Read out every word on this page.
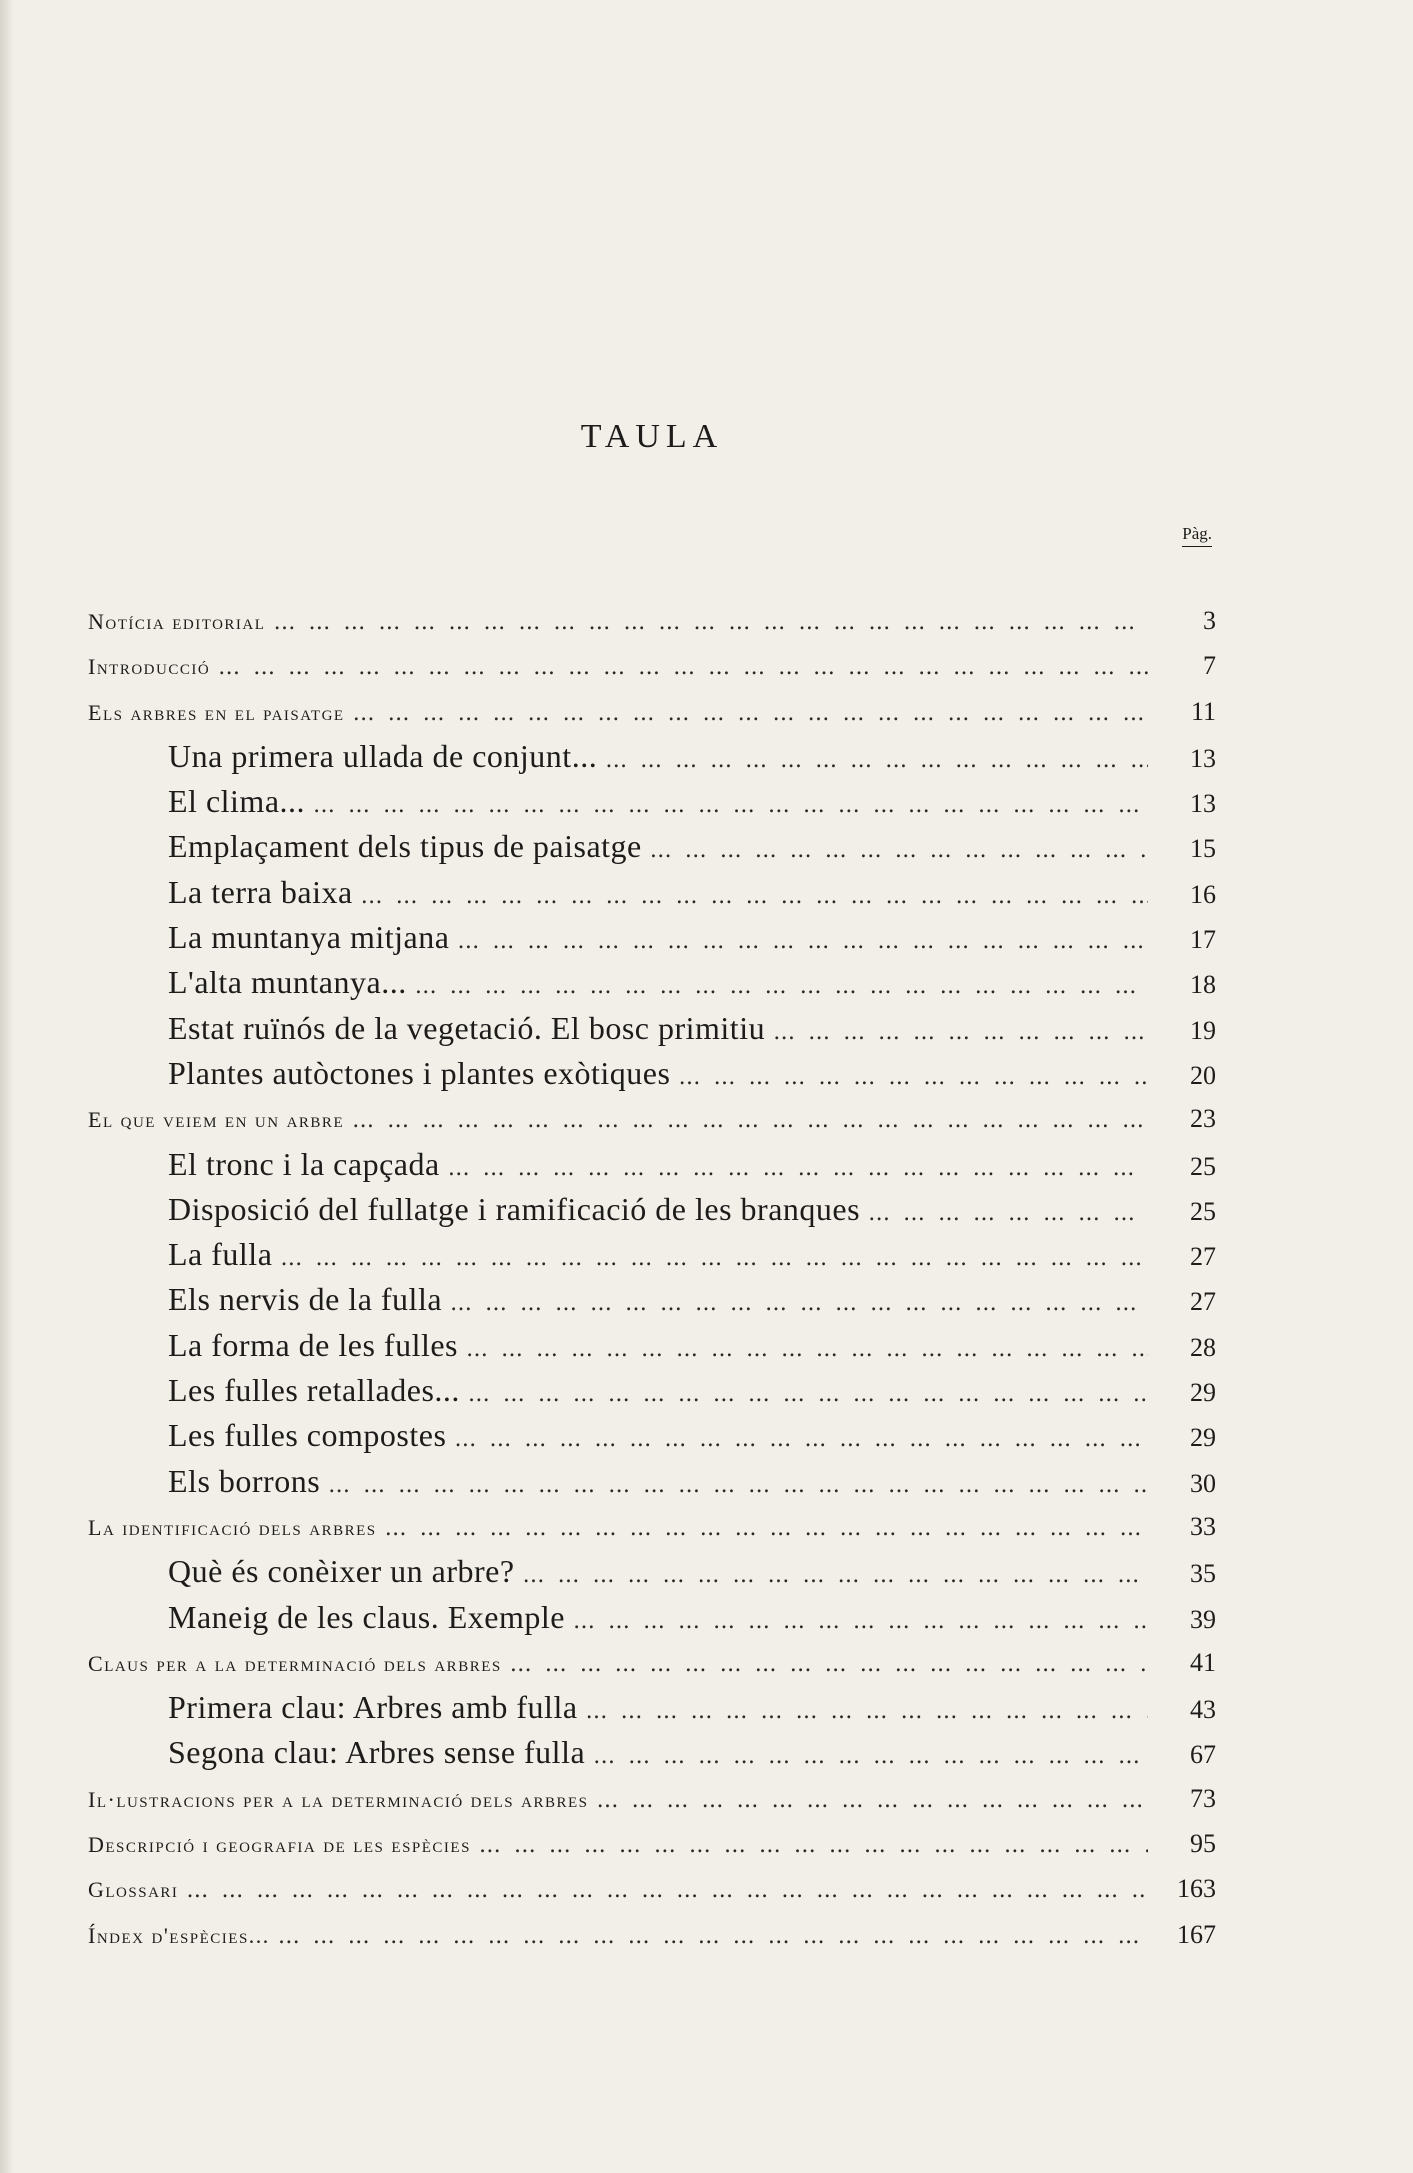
TAULA
Pàg.
Notícia editorial … … … … … … … … … … … … … … … … … … … … … … … … … … … … … … … … … … … … … …	3
Introducció … … … … … … … … … … … … … … … … … … … … … … … … … … … … … … … … … … … … … …	7
Els arbres en el paisatge … … … … … … … … … … … … … … … … … … … … … … … … … … … … … … … … … … … … … …	11
Una primera ullada de conjunt... … … … … … … … … … … … … … … … … … … … … … … … … … … … … … … … … … … … … … …	13
El clima... … … … … … … … … … … … … … … … … … … … … … … … … … … … … … … … … … … … … … …	13
Emplaçament dels tipus de paisatge … … … … … … … … … … … … … … … … … … … … … … … … … … … … … … … … … … … … … …	15
La terra baixa … … … … … … … … … … … … … … … … … … … … … … … … … … … … … … … … … … … … … …	16
La muntanya mitjana … … … … … … … … … … … … … … … … … … … … … … … … … … … … … … … … … … … … … …	17
L'alta muntanya... … … … … … … … … … … … … … … … … … … … … … … … … … … … … … … … … … … … … … …	18
Estat ruïnós de la vegetació. El bosc primitiu … … … … … … … … … … … … … … … … … … … … … … … … … … … … … … … … … … … … … …	19
Plantes autòctones i plantes exòtiques … … … … … … … … … … … … … … … … … … … … … … … … … … … … … … … … … … … … … …	20
El que veiem en un arbre … … … … … … … … … … … … … … … … … … … … … … … … … … … … … … … … … … … … … …	23
El tronc i la capçada … … … … … … … … … … … … … … … … … … … … … … … … … … … … … … … … … … … … … …	25
Disposició del fullatge i ramificació de les branques … … … … … … … … … … … … … … … … … … … … … … … … … … … … … … … … … … … … … …	25
La fulla … … … … … … … … … … … … … … … … … … … … … … … … … … … … … … … … … … … … … …	27
Els nervis de la fulla … … … … … … … … … … … … … … … … … … … … … … … … … … … … … … … … … … … … … …	27
La forma de les fulles … … … … … … … … … … … … … … … … … … … … … … … … … … … … … … … … … … … … … …	28
Les fulles retallades... … … … … … … … … … … … … … … … … … … … … … … … … … … … … … … … … … … … … … …	29
Les fulles compostes … … … … … … … … … … … … … … … … … … … … … … … … … … … … … … … … … … … … … …	29
Els borrons … … … … … … … … … … … … … … … … … … … … … … … … … … … … … … … … … … … … … …	30
La identificació dels arbres … … … … … … … … … … … … … … … … … … … … … … … … … … … … … … … … … … … … … …	33
Què és conèixer un arbre? … … … … … … … … … … … … … … … … … … … … … … … … … … … … … … … … … … … … … …	35
Maneig de les claus. Exemple … … … … … … … … … … … … … … … … … … … … … … … … … … … … … … … … … … … … … …	39
Claus per a la determinació dels arbres … … … … … … … … … … … … … … … … … … … … … … … … … … … … … … … … … … … … … …	41
Primera clau: Arbres amb fulla … … … … … … … … … … … … … … … … … … … … … … … … … … … … … … … … … … … … … …	43
Segona clau: Arbres sense fulla … … … … … … … … … … … … … … … … … … … … … … … … … … … … … … … … … … … … … …	67
Il·lustracions per a la determinació dels arbres … … … … … … … … … … … … … … … … … … … … … … … … … … … … … … … … … … … … … …	73
Descripció i geografia de les espècies … … … … … … … … … … … … … … … … … … … … … … … … … … … … … … … … … … … … … …	95
Glossari … … … … … … … … … … … … … … … … … … … … … … … … … … … … … … … … … … … … … …	163
Índex d'espècies... … … … … … … … … … … … … … … … … … … … … … … … … … … … … … … … … … … … … … …	167
